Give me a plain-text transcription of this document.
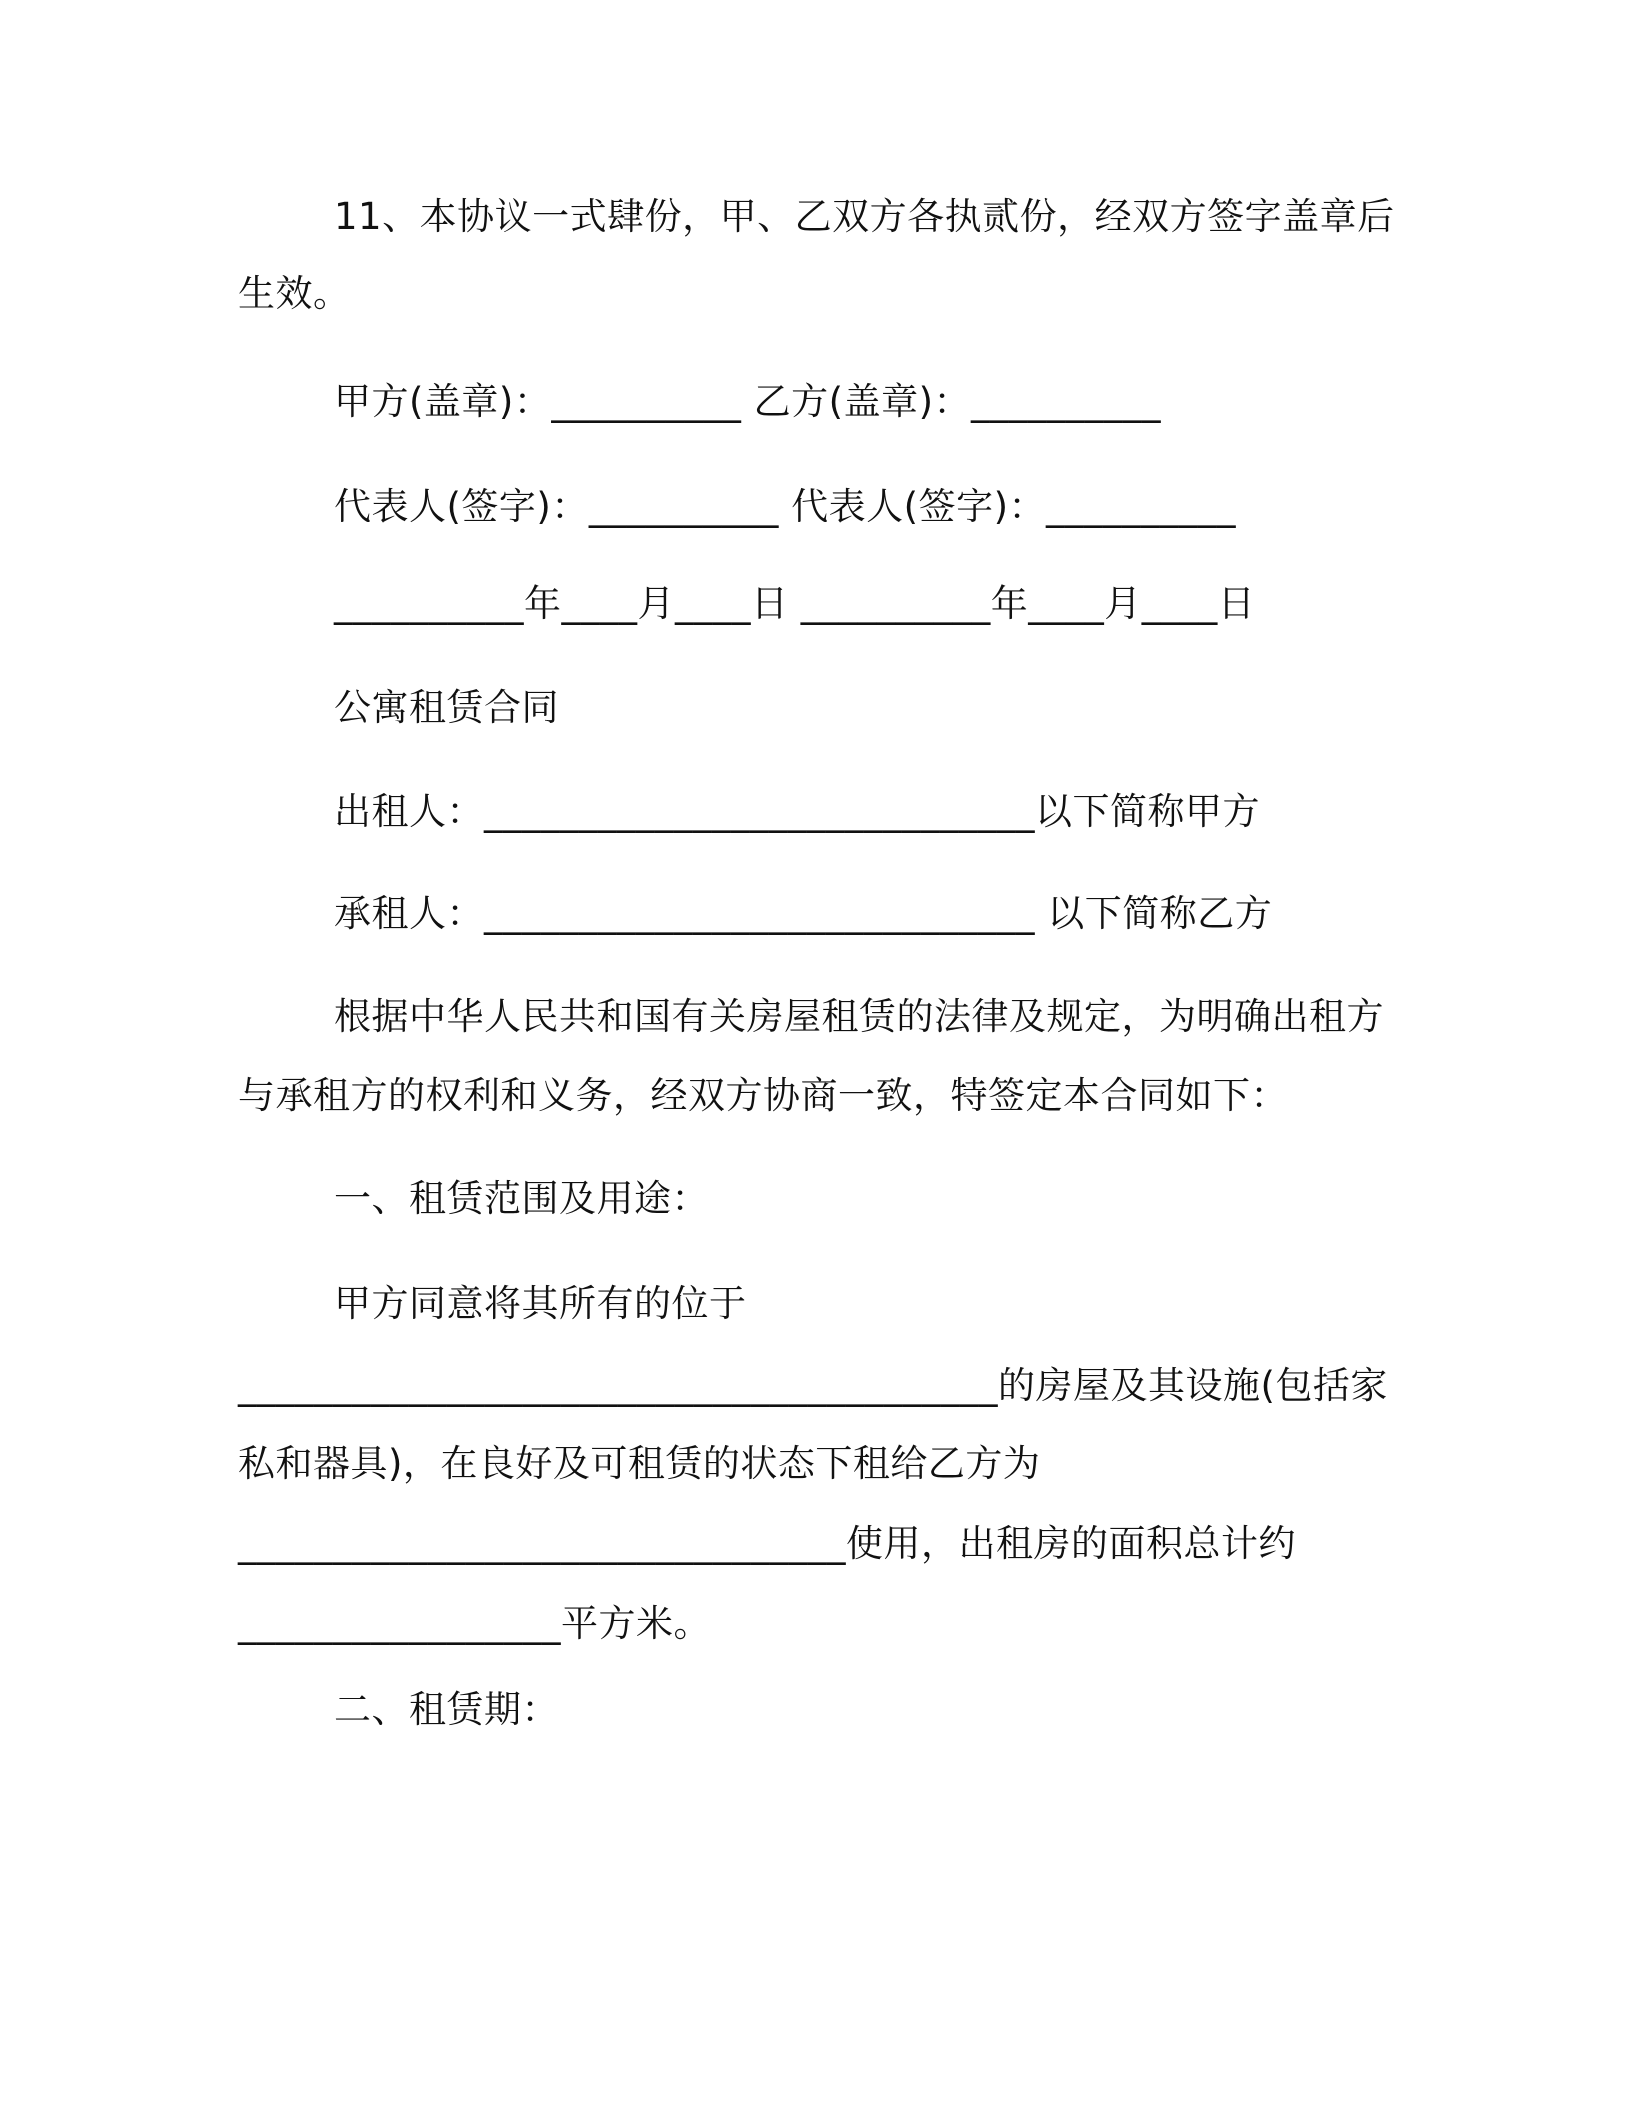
11、本协议一式肆份，甲、乙双方各执贰份，经双方签字盖章后
生效。
甲方(盖章)：__________ 乙方(盖章)：__________
代表人(签字)：__________ 代表人(签字)：__________
__________年____月____日 __________年____月____日
公寓租赁合同
出租人：_____________________________以下简称甲方
承租人：_____________________________ 以下简称乙方
根据中华人民共和国有关房屋租赁的法律及规定，为明确出租方
与承租方的权利和义务，经双方协商一致，特签定本合同如下：
一、租赁范围及用途：
甲方同意将其所有的位于
________________________________________的房屋及其设施(包括家
私和器具)，在良好及可租赁的状态下租给乙方为
________________________________使用，出租房的面积总计约
_________________平方米。
二、租赁期：
